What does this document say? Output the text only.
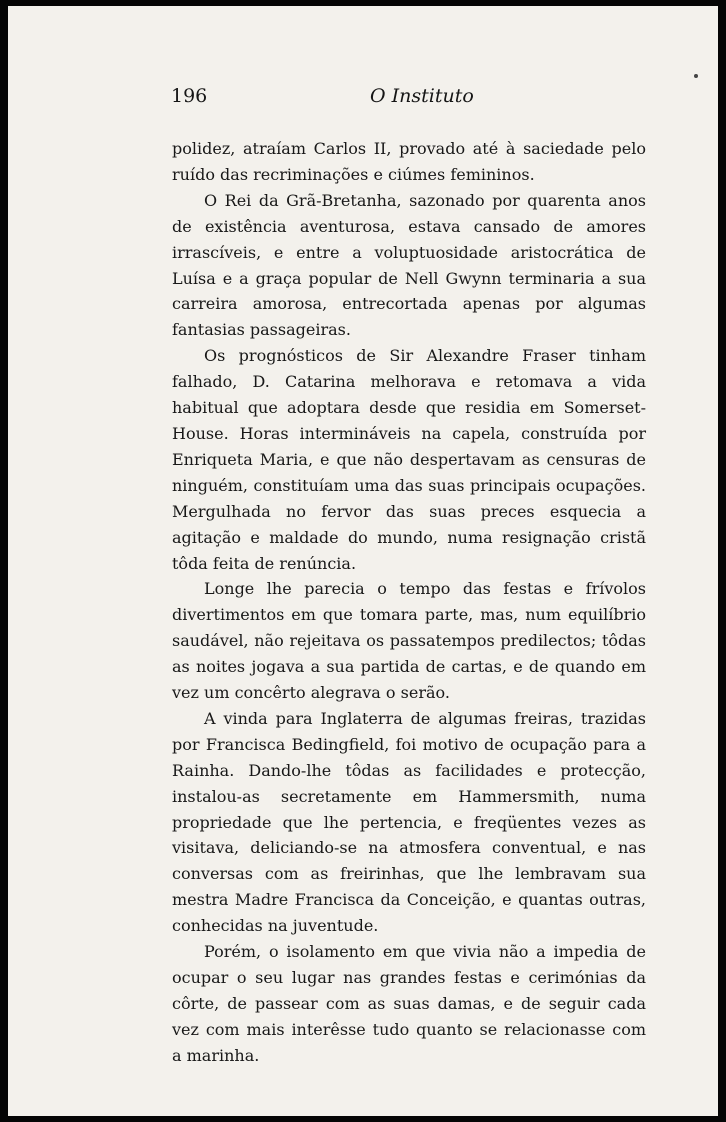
196	O Instituto

polidez, atraíam Carlos II, provado até à saciedade pelo ruído das recriminações e ciúmes femininos.

O Rei da Grã-Bretanha, sazonado por quarenta anos de existência aventurosa, estava cansado de amores irrascíveis, e entre a voluptuosidade aristocrática de Luísa e a graça popular de Nell Gwynn terminaria a sua carreira amorosa, entrecortada apenas por algumas fantasias passageiras.

Os prognósticos de Sir Alexandre Fraser tinham falhado, D. Catarina melhorava e retomava a vida habitual que adoptara desde que residia em Somerset-House. Horas intermináveis na capela, construída por Enriqueta Maria, e que não despertavam as censuras de ninguém, constituíam uma das suas principais ocupações. Mergulhada no fervor das suas preces esquecia a agitação e maldade do mundo, numa resignação cristã tôda feita de renúncia.

Longe lhe parecia o tempo das festas e frívolos divertimentos em que tomara parte, mas, num equilíbrio saudável, não rejeitava os passatempos predilectos; tôdas as noites jogava a sua partida de cartas, e de quando em vez um concêrto alegrava o serão.

A vinda para Inglaterra de algumas freiras, trazidas por Francisca Bedingfield, foi motivo de ocupação para a Rainha. Dando-lhe tôdas as facilidades e protecção, instalou-as secretamente em Hammersmith, numa propriedade que lhe pertencia, e freqüentes vezes as visitava, deliciando-se na atmosfera conventual, e nas conversas com as freirinhas, que lhe lembravam sua mestra Madre Francisca da Conceição, e quantas outras, conhecidas na juventude.

Porém, o isolamento em que vivia não a impedia de ocupar o seu lugar nas grandes festas e cerimónias da côrte, de passear com as suas damas, e de seguir cada vez com mais interêsse tudo quanto se relacionasse com a marinha.
